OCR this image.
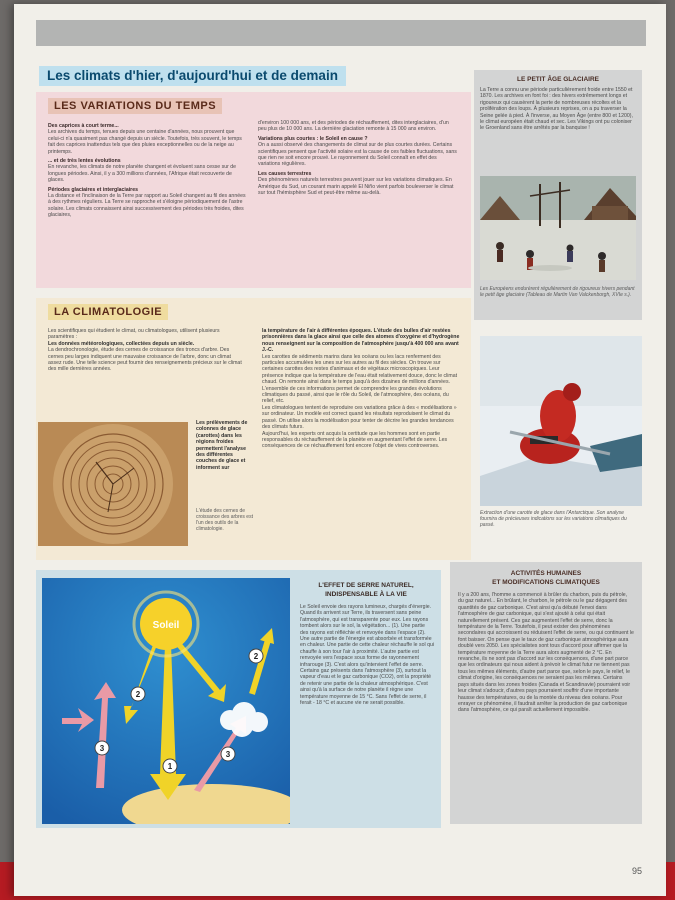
Les climats d'hier, d'aujourd'hui et de demain
LES VARIATIONS DU TEMPS
Des caprices à court terme...
Les archives du temps, tenues depuis une centaine d'années, nous prouvent que celui-ci n'a quasiment pas changé depuis un siècle. Toutefois, très souvent, le temps fait des caprices inattendus tels que des pluies exceptionnelles ou de la neige au printemps.
... et de très lentes évolutions
En revanche, les climats de notre planète changent et évoluent sans cesse sur de longues périodes. Ainsi, il y a 300 millions d'années, l'Afrique était recouverte de glaces.
Périodes glaciaires et interglaciaires
La distance et l'inclinaison de la Terre par rapport au Soleil changent au fil des années à des rythmes réguliers. La Terre se rapproche et s'éloigne périodiquement de l'astre solaire. Les climats connaissent ainsi successivement des périodes très froides, dites glaciaires,
d'environ 100 000 ans, et des périodes de réchauffement, dites interglaciaires, d'un peu plus de 10 000 ans. La dernière glaciation remonte à 15 000 ans environ.
Variations plus courtes : le Soleil en cause ?
On a aussi observé des changements de climat sur de plus courtes durées. Certains scientifiques pensent que l'activité solaire est la cause de ces faibles fluctuations, sans que rien ne soit encore prouvé. Le rayonnement du Soleil connaît en effet des variations régulières.
Les causes terrestres
Des phénomènes naturels terrestres peuvent jouer sur les variations climatiques. En Amérique du Sud, un courant marin appelé El Niño vient parfois bouleverser le climat sur tout l'hémisphère Sud et peut-être même au-delà.
LE PETIT ÂGE GLACIAIRE
La Terre a connu une période particulièrement froide entre 1550 et 1870. Les archives en font foi : des hivers extrêmement longs et rigoureux qui causèrent la perte de nombreuses récoltes et la prolifération des loups. À plusieurs reprises, on a pu traverser la Seine gelée à pied. À l'inverse, au Moyen Âge (entre 800 et 1200), le climat européen était chaud et sec. Les Vikings ont pu coloniser le Groenland sans être arrêtés par la banquise !
Les Européens endurèrent régulièrement de rigoureux hivers pendant le petit âge glaciaire (Tableau de Martin Van Valckenborgh, XVIe s.).
LA CLIMATOLOGIE
Les scientifiques qui étudient le climat, ou climatologues, utilisent plusieurs paramètres :
Les données météorologiques, collectées depuis un siècle.
La dendrochronologie, étude des cernes de croissance des troncs d'arbre. Des cernes peu larges indiquent une mauvaise croissance de l'arbre, donc un climat assez rude. Une telle science peut fournir des renseignements précieux sur le climat des mille dernières années.
Les prélèvements de colonnes de glace (carottes) dans les régions froides permettent l'analyse des différentes couches de glace et informent sur
L'étude des cernes de croissance des arbres est l'un des outils de la climatologie.
la température de l'air à différentes époques. L'étude des bulles d'air restées prisonnières dans la glace ainsi que celle des atomes d'oxygène et d'hydrogène nous renseignent sur la composition de l'atmosphère jusqu'à 400 000 ans avant J.-C.
Les carottes de sédiments marins dans les océans ou les lacs renferment des particules accumulées les unes sur les autres au fil des siècles. On trouve sur certaines carottes des restes d'animaux et de végétaux microscopiques. Leur présence indique que la température de l'eau était relativement douce, donc le climat chaud. On remonte ainsi dans le temps jusqu'à des dizaines de millions d'années.
L'ensemble de ces informations permet de comprendre les grandes évolutions climatiques du passé, ainsi que le rôle du Soleil, de l'atmosphère, des océans, du relief, etc.
Les climatologues tentent de reproduire ces variations grâce à des « modélisations » sur ordinateur. Un modèle est correct quand les résultats reproduisent le climat du passé. On utilise alors la modélisation pour tenter de décrire les grandes tendances des climats futurs.
Aujourd'hui, les experts ont acquis la certitude que les hommes sont en partie responsables du réchauffement de la planète en augmentant l'effet de serre. Les conséquences de ce réchauffement font encore l'objet de vives controverses.
Extraction d'une carotte de glace dans l'Antarctique. Son analyse fournira de précieuses indications sur les variations climatiques du passé.
Soleil
1
2
2
3
3
L'EFFET DE SERRE NATUREL,
INDISPENSABLE À LA VIE
Le Soleil envoie des rayons lumineux, chargés d'énergie. Quand ils arrivent sur Terre, ils traversent sans peine l'atmosphère, qui est transparente pour eux. Les rayons tombent alors sur le sol, la végétation... (1). Une partie des rayons est réfléchie et renvoyée dans l'espace (2). Une autre partie de l'énergie est absorbée et transformée en chaleur. Une partie de cette chaleur réchauffe le sol qui chauffe à son tour l'air à proximité. L'autre partie est renvoyée vers l'espace sous forme de rayonnement infrarouge (3). C'est alors qu'intervient l'effet de serre. Certains gaz présents dans l'atmosphère (3), surtout la vapeur d'eau et le gaz carbonique (CO2), ont la propriété de retenir une partie de la chaleur atmosphérique. C'est ainsi qu'à la surface de notre planète il règne une température moyenne de 15 °C. Sans l'effet de serre, il ferait - 18 °C et aucune vie ne serait possible.
ACTIVITÉS HUMAINES
ET MODIFICATIONS CLIMATIQUES
Il y a 200 ans, l'homme a commencé à brûler du charbon, puis du pétrole, du gaz naturel... En brûlant, le charbon, le pétrole ou le gaz dégagent des quantités de gaz carbonique. C'est ainsi qu'a débuté l'envoi dans l'atmosphère de gaz carbonique, qui s'est ajouté à celui qui était naturellement présent. Ces gaz augmentent l'effet de serre, donc la température de la Terre. Toutefois, il peut exister des phénomènes secondaires qui accroissent ou réduisent l'effet de serre, ou qui continuent le font baisser. On pense que le taux de gaz carbonique atmosphérique aura doublé vers 2050. Les spécialistes sont tous d'accord pour affirmer que la température moyenne de la Terre aura alors augmenté de 2 °C. En revanche, ils ne sont pas d'accord sur les conséquences, d'une part parce que les ordinateurs qui nous aident à prévoir le climat futur ne tiennent pas tous les mêmes éléments, d'autre part parce que, selon le pays, le relief, le climat d'origine, les conséquences ne seraient pas les mêmes. Certains pays situés dans les zones froides (Canada et Scandinavie) pourraient voir leur climat s'adoucir, d'autres pays pourraient souffrir d'une importante hausse des températures, ou de la montée du niveau des océans. Pour enrayer ce phénomène, il faudrait arrêter la production de gaz carbonique dans l'atmosphère, ce qui paraît actuellement impossible.
95
